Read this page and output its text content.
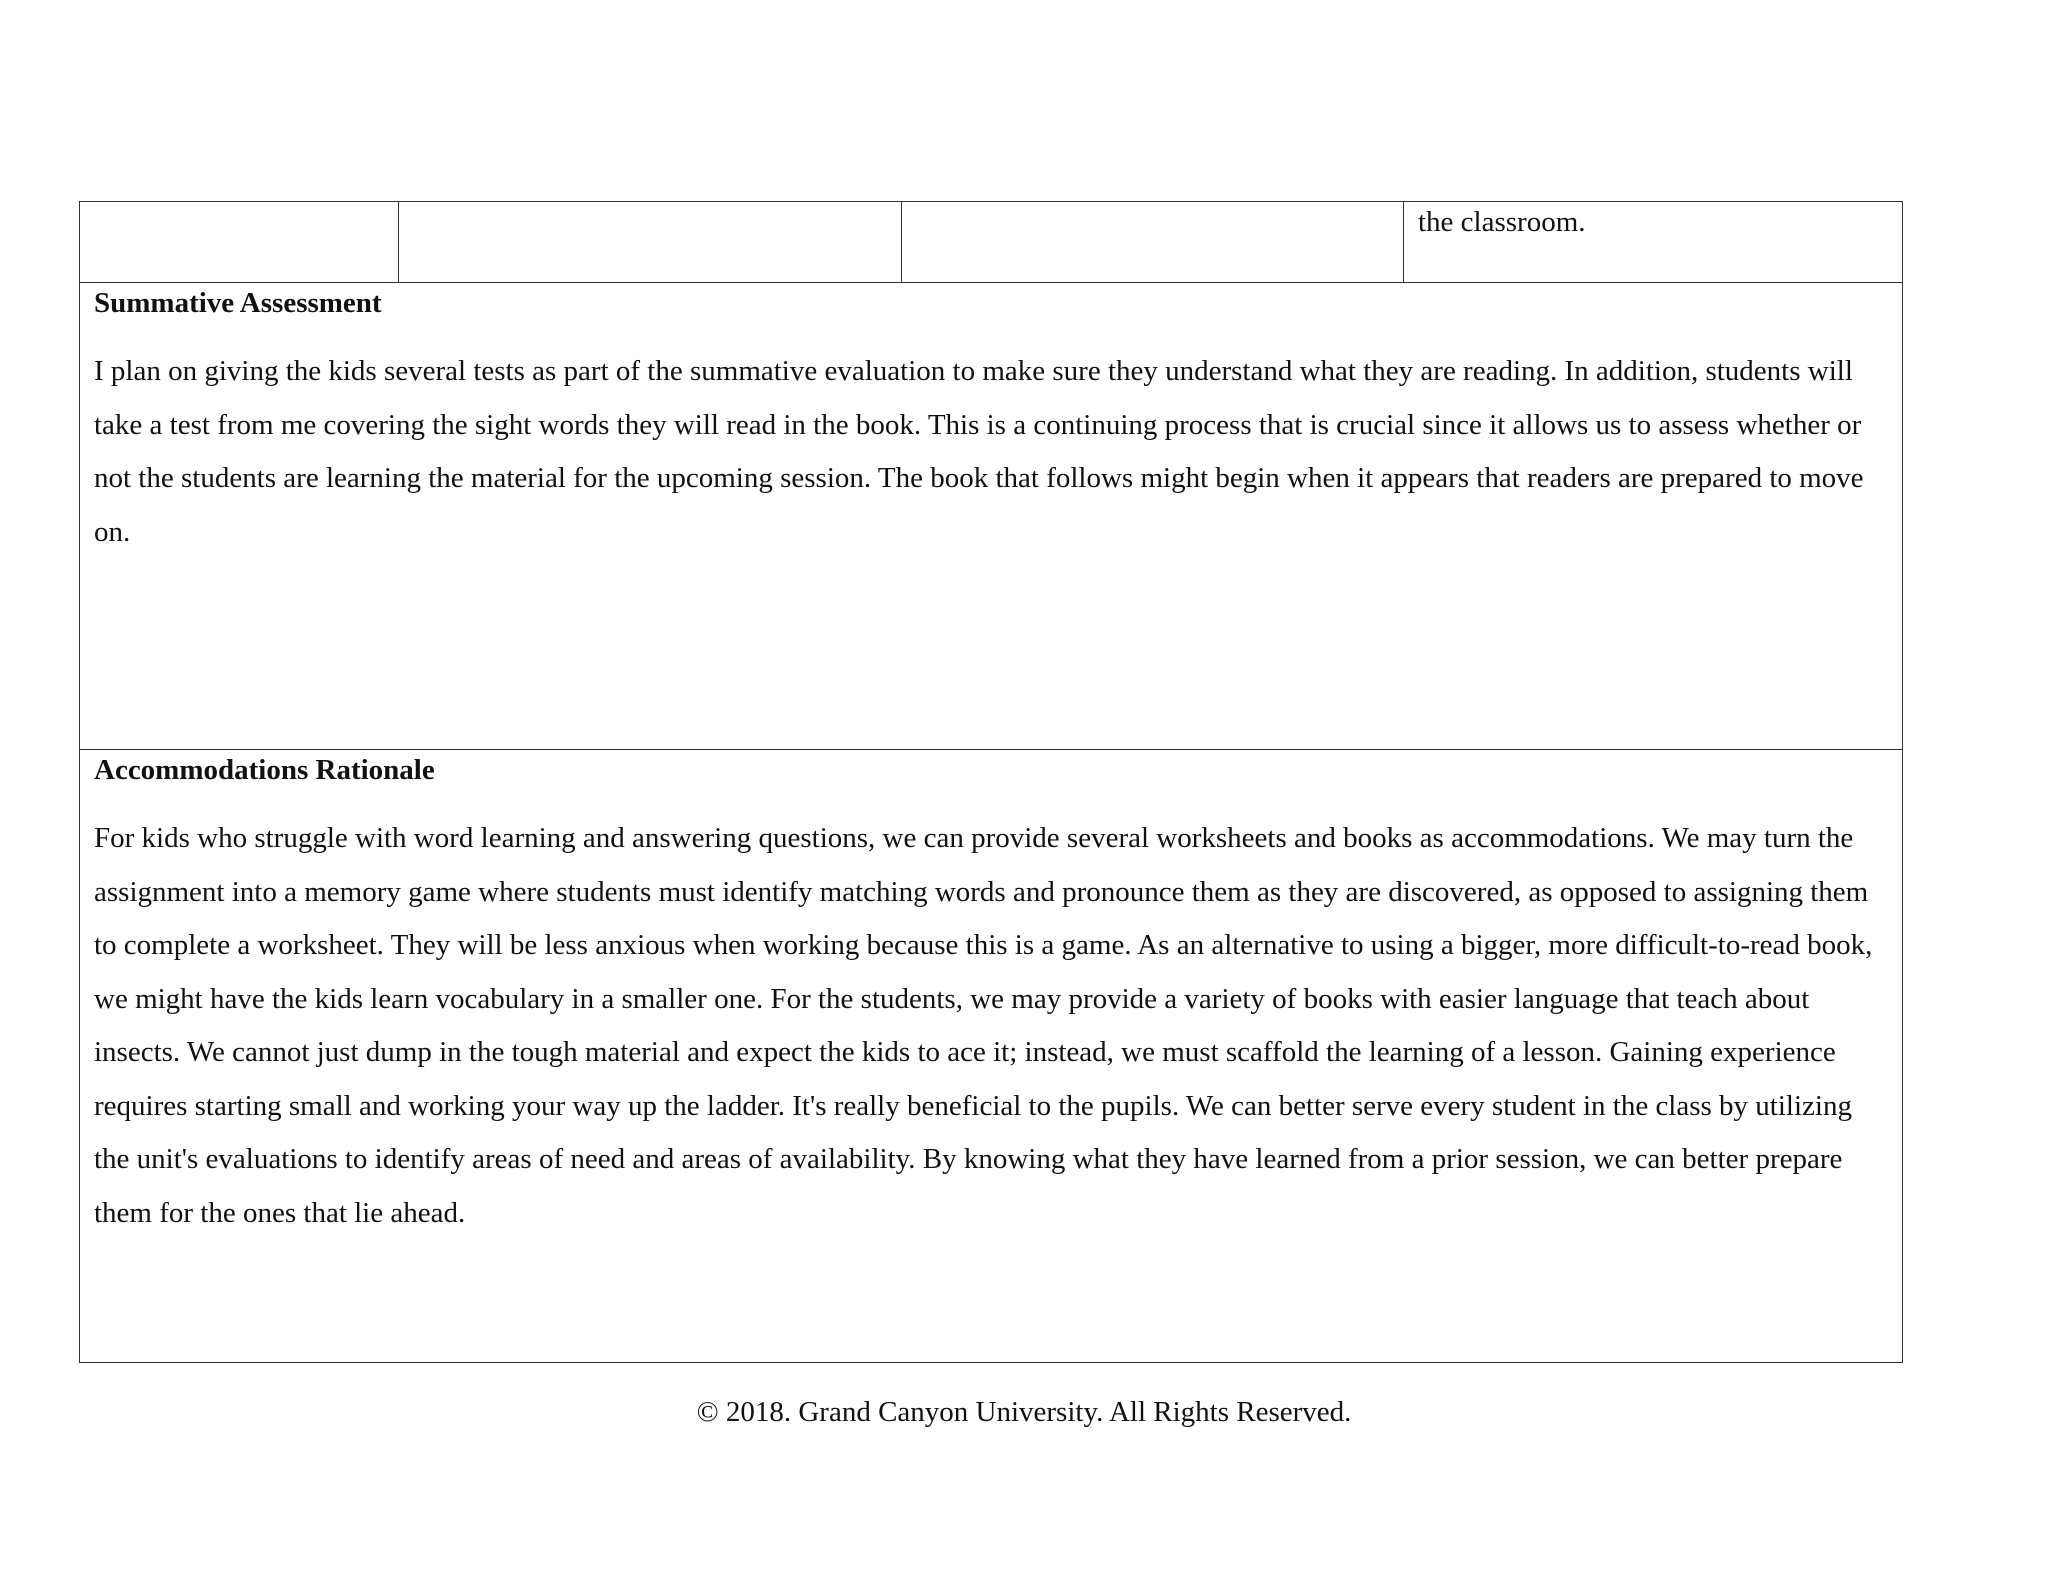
the classroom.

Summative Assessment
I plan on giving the kids several tests as part of the summative evaluation to make sure they understand what they are reading. In addition, students will take a test from me covering the sight words they will read in the book. This is a continuing process that is crucial since it allows us to assess whether or not the students are learning the material for the upcoming session. The book that follows might begin when it appears that readers are prepared to move on.

Accommodations Rationale
For kids who struggle with word learning and answering questions, we can provide several worksheets and books as accommodations. We may turn the assignment into a memory game where students must identify matching words and pronounce them as they are discovered, as opposed to assigning them to complete a worksheet. They will be less anxious when working because this is a game. As an alternative to using a bigger, more difficult-to-read book, we might have the kids learn vocabulary in a smaller one. For the students, we may provide a variety of books with easier language that teach about insects. We cannot just dump in the tough material and expect the kids to ace it; instead, we must scaffold the learning of a lesson. Gaining experience requires starting small and working your way up the ladder. It's really beneficial to the pupils. We can better serve every student in the class by utilizing the unit's evaluations to identify areas of need and areas of availability. By knowing what they have learned from a prior session, we can better prepare them for the ones that lie ahead.
© 2018. Grand Canyon University. All Rights Reserved.
